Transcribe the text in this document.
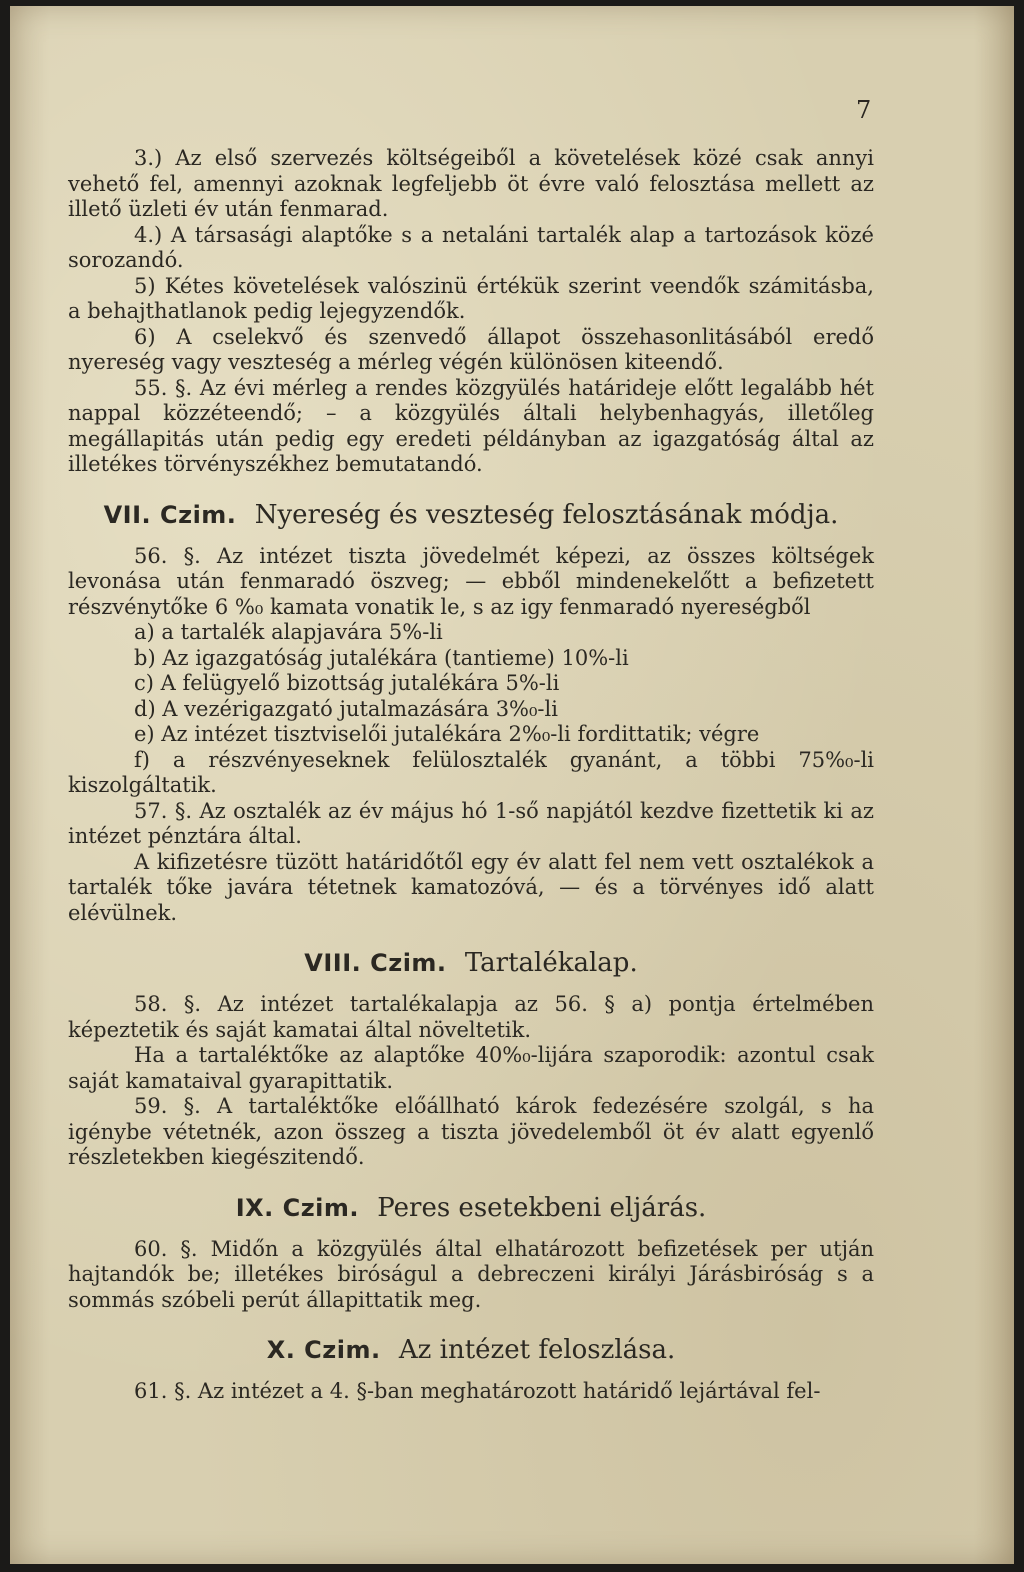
7

3.) Az első szervezés költségeiből a követelések közé csak annyi vehető fel, amennyi azoknak legfeljebb öt évre való felosztása mellett az illető üzleti év után fenmarad.

4.) A társasági alaptőke s a netaláni tartalék alap a tartozások közé sorozandó.

5) Kétes követelések valószinü értékük szerint veendők számitásba, a behajthatlanok pedig lejegyzendők.

6) A cselekvő és szenvedő állapot összehasonlitásából eredő nyereség vagy veszteség a mérleg végén különösen kiteendő.

55. §. Az évi mérleg a rendes közgyülés határideje előtt legalább hét nappal közzéteendő; – a közgyülés általi helybenhagyás, illetőleg megállapitás után pedig egy eredeti példányban az igazgatóság által az illetékes törvényszékhez bemutatandó.

VII. Czim. Nyereség és veszteség felosztásának módja.

56. §. Az intézet tiszta jövedelmét képezi, az összes költségek levonása után fenmaradó öszveg; — ebből mindenekelőtt a befizetett részvénytőke 6 %₀ kamata vonatik le, s az igy fenmaradó nyereségből

a) a tartalék alapjavára 5%-li

b) Az igazgatóság jutalékára (tantieme) 10%-li

c) A felügyelő bizottság jutalékára 5%-li

d) A vezérigazgató jutalmazására 3%₀-li

e) Az intézet tisztviselői jutalékára 2%₀-li fordittatik; végre

f) a részvényeseknek felülosztalék gyanánt, a többi 75%₀-li kiszolgáltatik.

57. §. Az osztalék az év május hó 1-ső napjától kezdve fizettetik ki az intézet pénztára által.

A kifizetésre tüzött határidőtől egy év alatt fel nem vett osztalékok a tartalék tőke javára tétetnek kamatozóvá, — és a törvényes idő alatt elévülnek.

VIII. Czim. Tartalékalap.

58. §. Az intézet tartalékalapja az 56. § a) pontja értelmében képeztetik és saját kamatai által növeltetik.

Ha a tartaléktőke az alaptőke 40%₀-lijára szaporodik: azontul csak saját kamataival gyarapittatik.

59. §. A tartaléktőke előállható károk fedezésére szolgál, s ha igénybe vétetnék, azon összeg a tiszta jövedelemből öt év alatt egyenlő részletekben kiegészitendő.

IX. Czim. Peres esetekbeni eljárás.

60. §. Midőn a közgyülés által elhatározott befizetések per utján hajtandók be; illetékes biróságul a debreczeni királyi Járásbiróság s a sommás szóbeli perút állapittatik meg.

X. Czim. Az intézet feloszlása.

61. §. Az intézet a 4. §-ban meghatározott határidő lejártával fel-
